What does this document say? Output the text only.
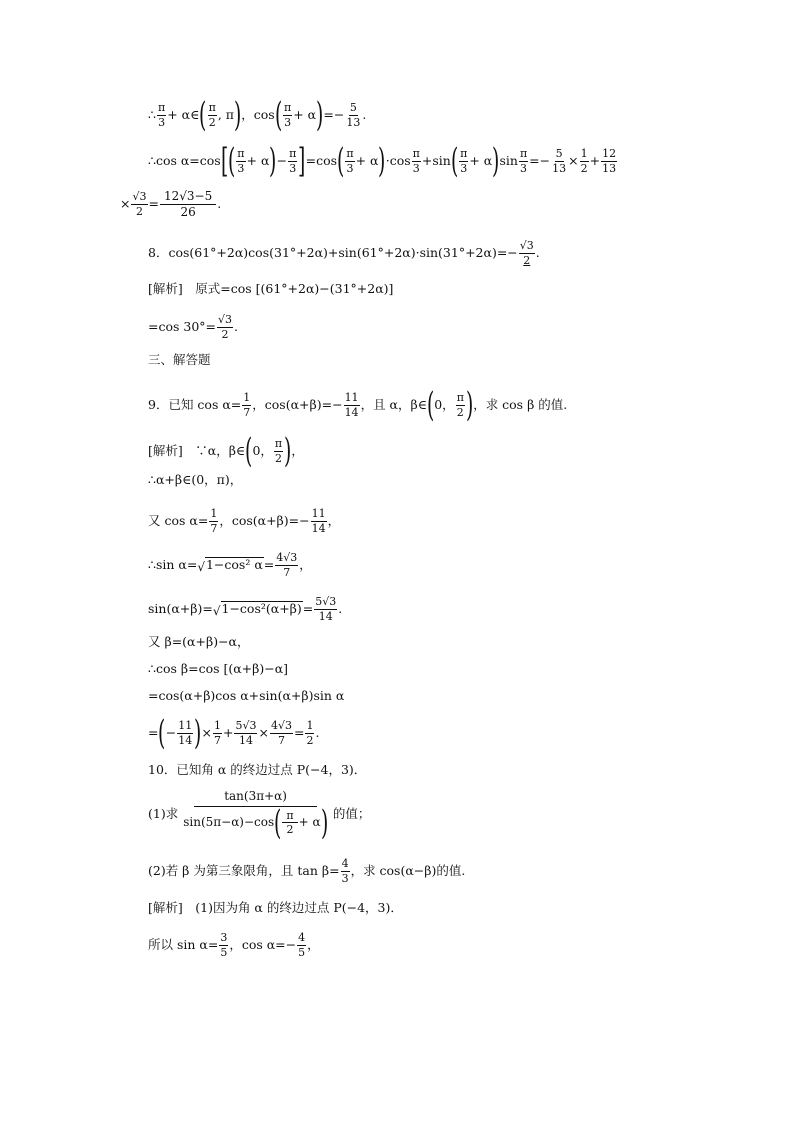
∴ $\frac{\pi}{3}$ + α∈ ( $\frac{\pi}{2}$ , π ) ，cos ( $\frac{\pi}{3} + \alpha$ ) =− $\frac{5}{13}$ .
∴cos α=cos [ ( $\frac{\pi}{3} + \alpha$ ) − $\frac{\pi}{3}$ ] =cos ( $\frac{\pi}{3} + \alpha$ ) $\cdot\cos \frac{\pi}{3} +\sin$ ( $\frac{\pi}{3} + \alpha$ ) $\sin \frac{\pi}{3} =- \frac{5}{13} \times \frac{1}{2} + \frac{12}{13}$
× $\frac{√3}{2} = \frac{12√3-5}{26}$ .
8．$\cos(61^\circ+2\alpha)\cos(31^\circ+2\alpha)+\sin(61^\circ+2\alpha)\cdot\sin(31^\circ+2\alpha)= - \frac{√3}{2}$ .
[解析]　原式=cos [(61°+2α)−(31°+2α)]
=cos $30^\circ= \frac{√3}{2}$ .
三、解答题
9．已知 $\cos \alpha= \frac{1}{7}$ ，$\cos(\alpha+\beta)=- \frac{11}{14}$ ，且 α，β∈ ( 0， $\frac{\pi}{2}$ ) ，求 cos β 的值.
[解析]　∵α，β∈ ( 0， $\frac{\pi}{2}$ ) ，
∴α+β∈(0，π)，
又 $\cos \alpha= \frac{1}{7}$ ，$\cos(\alpha+\beta)=- \frac{11}{14}$ ，
∴sin α= √ 1−cos² $\alpha = \frac{4√3}{7}$ ，
sin(α+β)= √ $1-\cos^2(\alpha+\beta) = \frac{5√3}{14}$ .
又 β=(α+β)−α，
∴cos β=cos [(α+β)−α]
=cos(α+β)cos α+sin(α+β)sin α
= ( − $\frac{11}{14}$ ) × $\frac{1}{7} + \frac{5√3}{14} \times \frac{4√3}{7} = \frac{1}{2}$ .
10．已知角 α 的终边过点 P(−4，3)．
(1)求 $\frac{\tan(3\pi+\alpha)}{\sin(5\pi-\alpha)-\cos ( \frac{\pi}{2} + \alpha )}$ 的值；
(2)若 β 为第三象限角，且 $\tan \beta= \frac{4}{3}$ ，求 cos(α−β)的值.
[解析]　(1)因为角 α 的终边过点 P(−4，3)．
所以 $\sin \alpha= \frac{3}{5}$ ，$\cos \alpha=- \frac{4}{5}$ ，
